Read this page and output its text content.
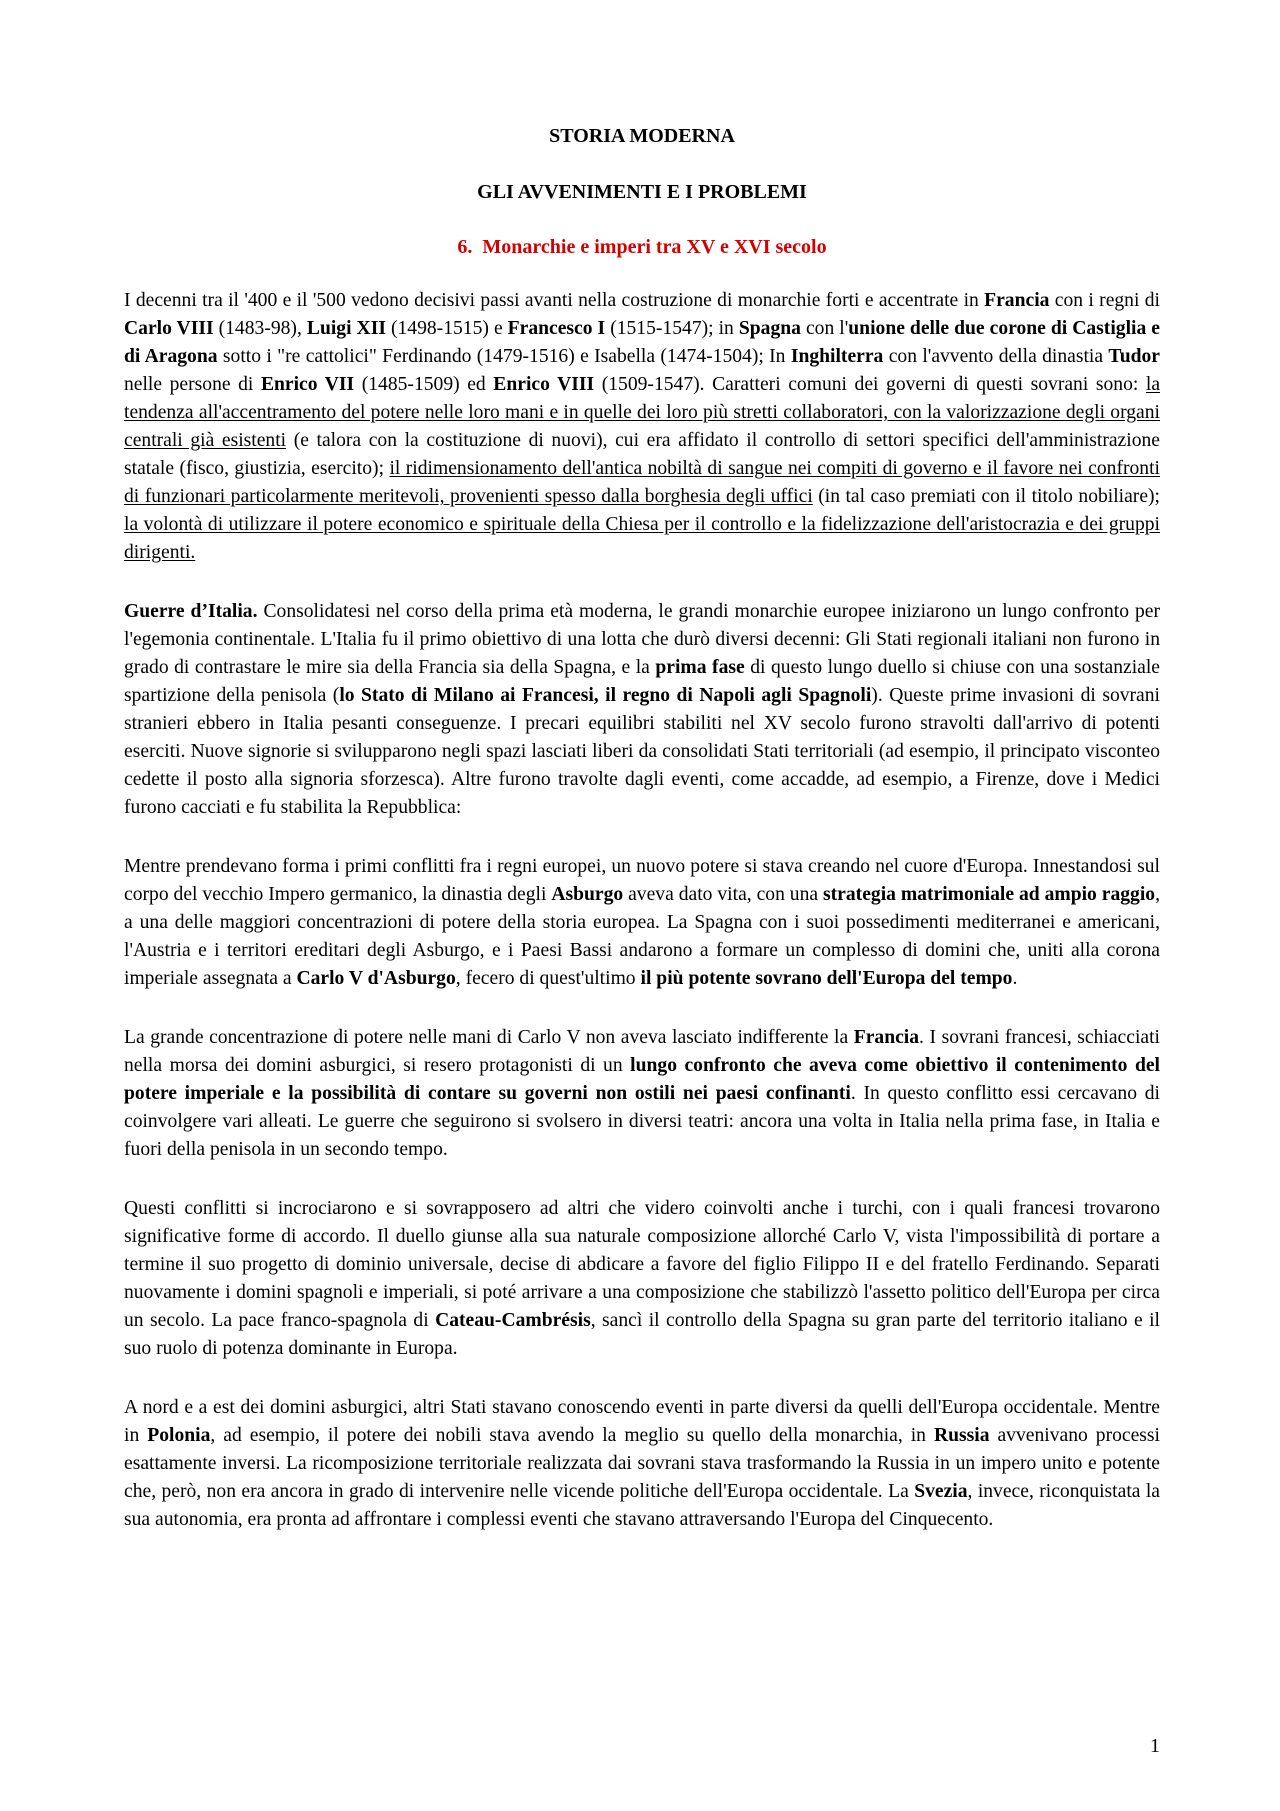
STORIA MODERNA
GLI AVVENIMENTI E I PROBLEMI
6. Monarchie e imperi tra XV e XVI secolo

I decenni tra il '400 e il '500 vedono decisivi passi avanti nella costruzione di monarchie forti e accentrate in Francia con i regni di Carlo VIII (1483-98), Luigi XII (1498-1515) e Francesco I (1515-1547); in Spagna con l'unione delle due corone di Castiglia e di Aragona sotto i "re cattolici" Ferdinando (1479-1516) e Isabella (1474-1504); In Inghilterra con l'avvento della dinastia Tudor nelle persone di Enrico VII (1485-1509) ed Enrico VIII (1509-1547). Caratteri comuni dei governi di questi sovrani sono: la tendenza all'accentramento del potere nelle loro mani e in quelle dei loro più stretti collaboratori, con la valorizzazione degli organi centrali già esistenti (e talora con la costituzione di nuovi), cui era affidato il controllo di settori specifici dell'amministrazione statale (fisco, giustizia, esercito); il ridimensionamento dell'antica nobiltà di sangue nei compiti di governo e il favore nei confronti di funzionari particolarmente meritevoli, provenienti spesso dalla borghesia degli uffici (in tal caso premiati con il titolo nobiliare); la volontà di utilizzare il potere economico e spirituale della Chiesa per il controllo e la fidelizzazione dell'aristocrazia e dei gruppi dirigenti.

Guerre d’Italia. Consolidatesi nel corso della prima età moderna, le grandi monarchie europee iniziarono un lungo confronto per l'egemonia continentale. L'Italia fu il primo obiettivo di una lotta che durò diversi decenni: Gli Stati regionali italiani non furono in grado di contrastare le mire sia della Francia sia della Spagna, e la prima fase di questo lungo duello si chiuse con una sostanziale spartizione della penisola (lo Stato di Milano ai Francesi, il regno di Napoli agli Spagnoli). Queste prime invasioni di sovrani stranieri ebbero in Italia pesanti conseguenze. I precari equilibri stabiliti nel XV secolo furono stravolti dall'arrivo di potenti eserciti. Nuove signorie si svilupparono negli spazi lasciati liberi da consolidati Stati territoriali (ad esempio, il principato visconteo cedette il posto alla signoria sforzesca). Altre furono travolte dagli eventi, come accadde, ad esempio, a Firenze, dove i Medici furono cacciati e fu stabilita la Repubblica:

Mentre prendevano forma i primi conflitti fra i regni europei, un nuovo potere si stava creando nel cuore d'Europa. Innestandosi sul corpo del vecchio Impero germanico, la dinastia degli Asburgo aveva dato vita, con una strategia matrimoniale ad ampio raggio, a una delle maggiori concentrazioni di potere della storia europea. La Spagna con i suoi possedimenti mediterranei e americani, l'Austria e i territori ereditari degli Asburgo, e i Paesi Bassi andarono a formare un complesso di domini che, uniti alla corona imperiale assegnata a Carlo V d'Asburgo, fecero di quest'ultimo il più potente sovrano dell'Europa del tempo.

La grande concentrazione di potere nelle mani di Carlo V non aveva lasciato indifferente la Francia. I sovrani francesi, schiacciati nella morsa dei domini asburgici, si resero protagonisti di un lungo confronto che aveva come obiettivo il contenimento del potere imperiale e la possibilità di contare su governi non ostili nei paesi confinanti. In questo conflitto essi cercavano di coinvolgere vari alleati. Le guerre che seguirono si svolsero in diversi teatri: ancora una volta in Italia nella prima fase, in Italia e fuori della penisola in un secondo tempo.

Questi conflitti si incrociarono e si sovrapposero ad altri che videro coinvolti anche i turchi, con i quali francesi trovarono significative forme di accordo. Il duello giunse alla sua naturale composizione allorché Carlo V, vista l'impossibilità di portare a termine il suo progetto di dominio universale, decise di abdicare a favore del figlio Filippo II e del fratello Ferdinando. Separati nuovamente i domini spagnoli e imperiali, si poté arrivare a una composizione che stabilizzò l'assetto politico dell'Europa per circa un secolo. La pace franco-spagnola di Cateau-Cambrésis, sancì il controllo della Spagna su gran parte del territorio italiano e il suo ruolo di potenza dominante in Europa.

A nord e a est dei domini asburgici, altri Stati stavano conoscendo eventi in parte diversi da quelli dell'Europa occidentale. Mentre in Polonia, ad esempio, il potere dei nobili stava avendo la meglio su quello della monarchia, in Russia avvenivano processi esattamente inversi. La ricomposizione territoriale realizzata dai sovrani stava trasformando la Russia in un impero unito e potente che, però, non era ancora in grado di intervenire nelle vicende politiche dell'Europa occidentale. La Svezia, invece, riconquistata la sua autonomia, era pronta ad affrontare i complessi eventi che stavano attraversando l'Europa del Cinquecento.

1
